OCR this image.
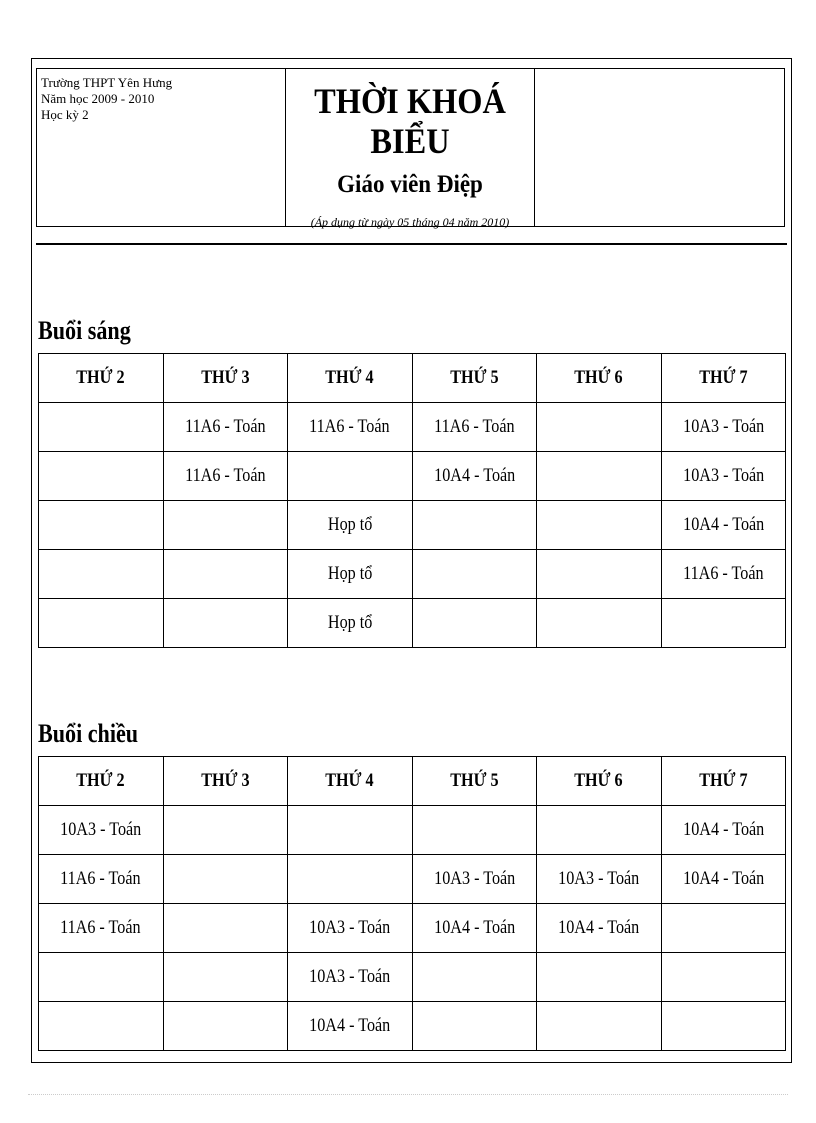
Trường THPT Yên Hưng
Năm học 2009 - 2010
Học kỳ 2	THỜI KHOÁ BIỂU
Giáo viên Điệp
(Áp dụng từ ngày 05 tháng 04 năm 2010)
Buổi sáng
THỨ 2	THỨ 3	THỨ 4	THỨ 5	THỨ 6	THỨ 7
	11A6 - Toán	11A6 - Toán	11A6 - Toán		10A3 - Toán
	11A6 - Toán		10A4 - Toán		10A3 - Toán
		Họp tổ			10A4 - Toán
		Họp tổ			11A6 - Toán
		Họp tổ			
Buổi chiều
THỨ 2	THỨ 3	THỨ 4	THỨ 5	THỨ 6	THỨ 7
10A3 - Toán					10A4 - Toán
11A6 - Toán			10A3 - Toán	10A3 - Toán	10A4 - Toán
11A6 - Toán		10A3 - Toán	10A4 - Toán	10A4 - Toán	
		10A3 - Toán			
		10A4 - Toán			
